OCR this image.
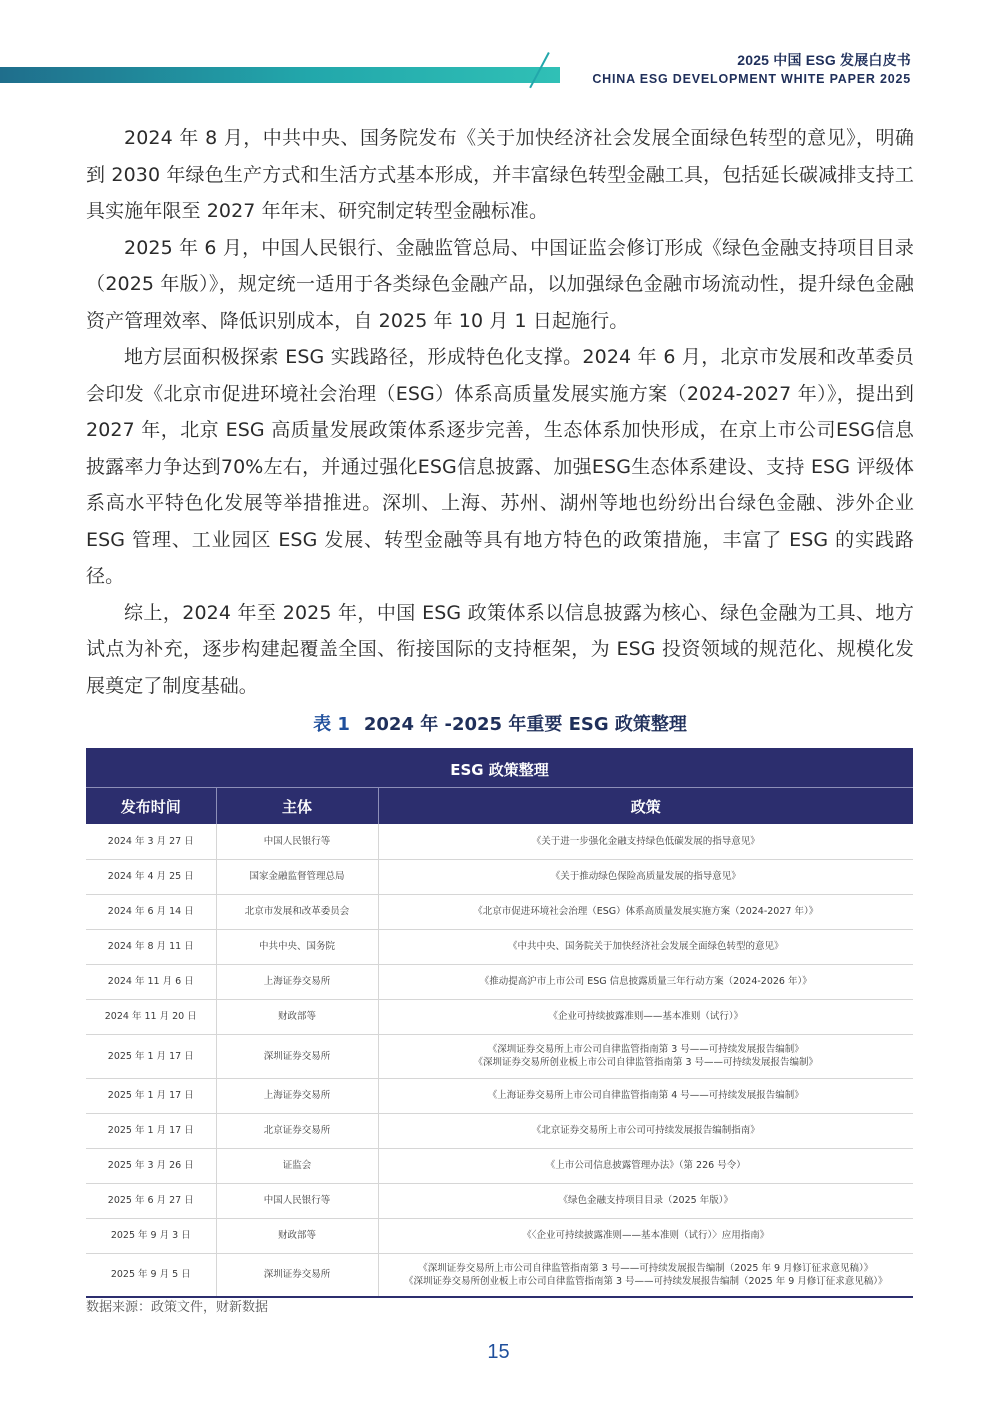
2025 中国 ESG 发展白皮书
CHINA ESG DEVELOPMENT WHITE PAPER 2025

2024 年 8 月，中共中央、国务院发布《关于加快经济社会发展全面绿色转型的意见》，明确到 2030 年绿色生产方式和生活方式基本形成，并丰富绿色转型金融工具，包括延长碳减排支持工具实施年限至 2027 年年末、研究制定转型金融标准。

2025 年 6 月，中国人民银行、金融监管总局、中国证监会修订形成《绿色金融支持项目目录（2025 年版）》，规定统一适用于各类绿色金融产品，以加强绿色金融市场流动性，提升绿色金融资产管理效率、降低识别成本，自 2025 年 10 月 1 日起施行。

地方层面积极探索 ESG 实践路径，形成特色化支撑。2024 年 6 月，北京市发展和改革委员会印发《北京市促进环境社会治理（ESG）体系高质量发展实施方案（2024-2027 年）》，提出到 2027 年，北京 ESG 高质量发展政策体系逐步完善，生态体系加快形成，在京上市公司ESG信息披露率力争达到70%左右，并通过强化ESG信息披露、加强ESG生态体系建设、支持 ESG 评级体系高水平特色化发展等举措推进。深圳、上海、苏州、湖州等地也纷纷出台绿色金融、涉外企业 ESG 管理、工业园区 ESG 发展、转型金融等具有地方特色的政策措施，丰富了 ESG 的实践路径。

综上，2024 年至 2025 年，中国 ESG 政策体系以信息披露为核心、绿色金融为工具、地方试点为补充，逐步构建起覆盖全国、衔接国际的支持框架，为 ESG 投资领域的规范化、规模化发展奠定了制度基础。

表 1 2024 年 -2025 年重要 ESG 政策整理
ESG 政策整理		
发布时间	主体	政策
2024 年 3 月 27 日	中国人民银行等	《关于进一步强化金融支持绿色低碳发展的指导意见》

2024 年 4 月 25 日	国家金融监督管理总局	《关于推动绿色保险高质量发展的指导意见》

2024 年 6 月 14 日	北京市发展和改革委员会	《北京市促进环境社会治理（ESG）体系高质量发展实施方案（2024-2027 年）》

2024 年 8 月 11 日	中共中央、国务院	《中共中央、国务院关于加快经济社会发展全面绿色转型的意见》

2024 年 11 月 6 日	上海证券交易所	《推动提高沪市上市公司 ESG 信息披露质量三年行动方案（2024-2026 年）》

2024 年 11 月 20 日	财政部等	《企业可持续披露准则——基本准则（试行）》

2025 年 1 月 17 日	深圳证券交易所	《深圳证券交易所上市公司自律监管指南第 3 号——可持续发展报告编制》
《深圳证券交易所创业板上市公司自律监管指南第 3 号——可持续发展报告编制》

2025 年 1 月 17 日	上海证券交易所	《上海证券交易所上市公司自律监管指南第 4 号——可持续发展报告编制》

2025 年 1 月 17 日	北京证券交易所	《北京证券交易所上市公司可持续发展报告编制指南》

2025 年 3 月 26 日	证监会	《上市公司信息披露管理办法》（第 226 号令）

2025 年 6 月 27 日	中国人民银行等	《绿色金融支持项目目录（2025 年版）》

2025 年 9 月 3 日	财政部等	《〈企业可持续披露准则——基本准则（试行）〉应用指南》

2025 年 9 月 5 日	深圳证券交易所	《深圳证券交易所上市公司自律监管指南第 3 号——可持续发展报告编制（2025 年 9 月修订征求意见稿）》
《深圳证券交易所创业板上市公司自律监管指南第 3 号——可持续发展报告编制（2025 年 9 月修订征求意见稿）》
数据来源：政策文件，财新数据
15
